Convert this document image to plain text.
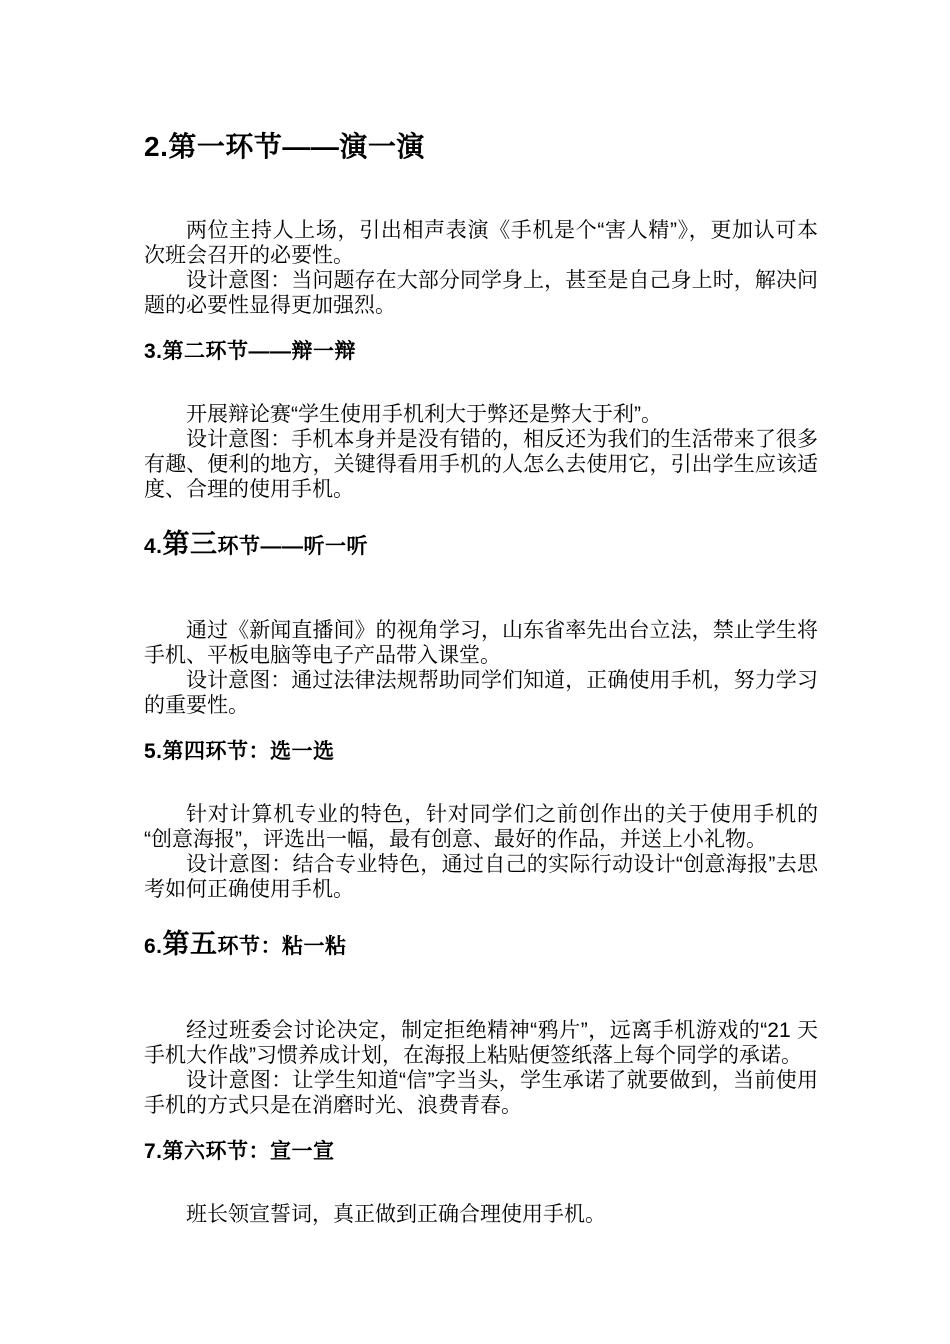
2.第一环节——演一演

两位主持人上场，引出相声表演《手机是个“害人精”》，更加认可本次班会召开的必要性。

设计意图：当问题存在大部分同学身上，甚至是自己身上时，解决问题的必要性显得更加强烈。

3.第二环节——辩一辩

开展辩论赛“学生使用手机利大于弊还是弊大于利”。

设计意图：手机本身并是没有错的，相反还为我们的生活带来了很多有趣、便利的地方，关键得看用手机的人怎么去使用它，引出学生应该适度、合理的使用手机。

4.第三环节——听一听

通过《新闻直播间》的视角学习，山东省率先出台立法，禁止学生将手机、平板电脑等电子产品带入课堂。

设计意图：通过法律法规帮助同学们知道，正确使用手机，努力学习的重要性。

5.第四环节：选一选

针对计算机专业的特色，针对同学们之前创作出的关于使用手机的“创意海报”，评选出一幅，最有创意、最好的作品，并送上小礼物。

设计意图：结合专业特色，通过自己的实际行动设计“创意海报”去思考如何正确使用手机。

6.第五环节：粘一粘

经过班委会讨论决定，制定拒绝精神“鸦片”，远离手机游戏的“21 天手机大作战”习惯养成计划，在海报上粘贴便签纸落上每个同学的承诺。

设计意图：让学生知道“信”字当头，学生承诺了就要做到，当前使用手机的方式只是在消磨时光、浪费青春。

7.第六环节：宣一宣

班长领宣誓词，真正做到正确合理使用手机。
